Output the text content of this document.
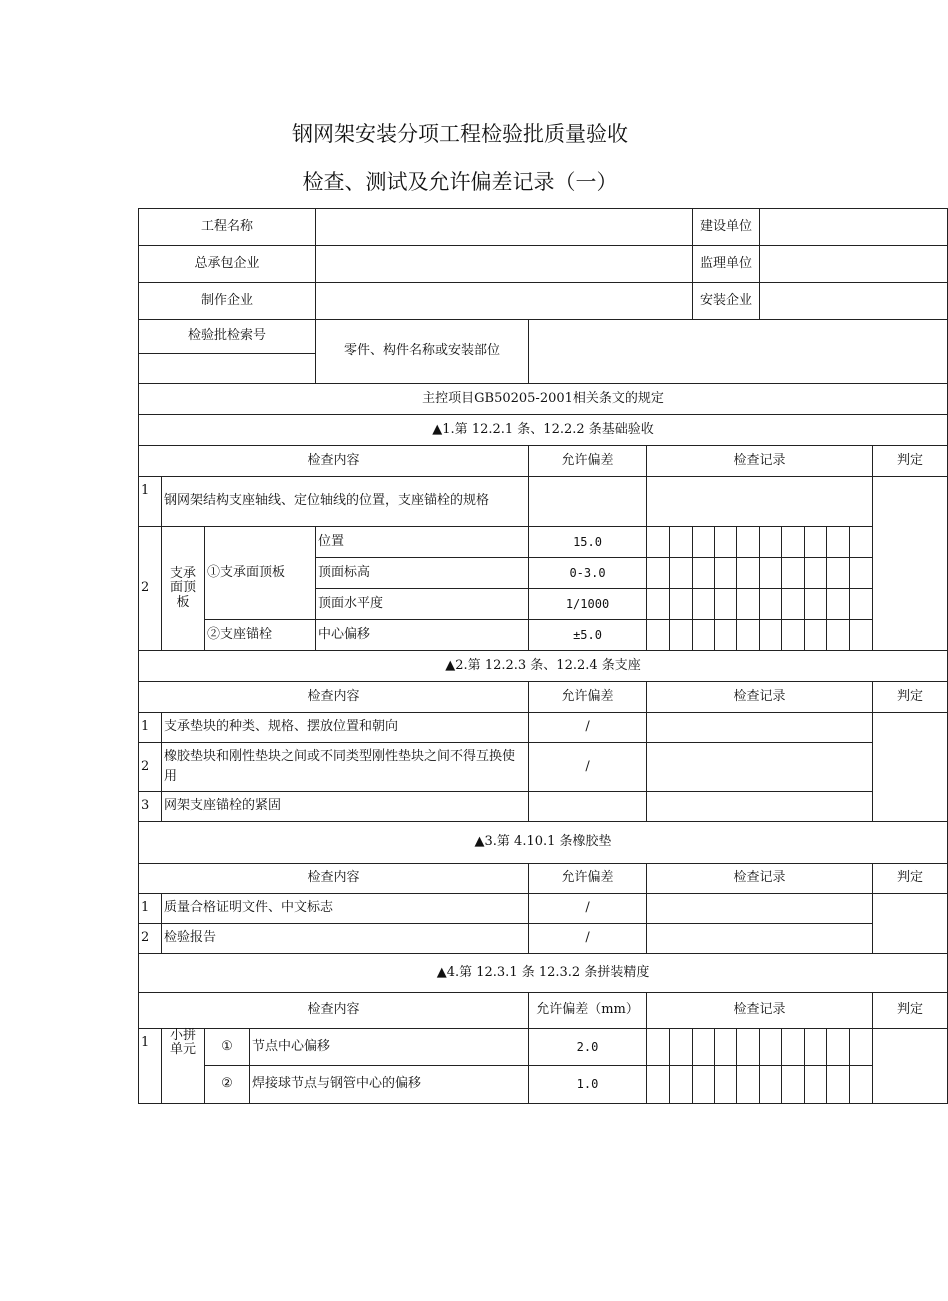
钢网架安装分项工程检验批质量验收
检查、测试及允许偏差记录（一）
工程名称								建设单位								
总承包企业								监理单位								
制作企业								安装企业								
检验批检索号				零件、构件名称或安装部位												

主控项目GB50205-2001相关条文的规定																
▲1.第 12.2.1 条、12.2.2 条基础验收																
检查内容					允许偏差	检查记录										判定
1	钢网架结构支座轴线、定位轴线的位置，支座锚栓的规格															
2	支承面顶板	①支承面顶板		位置	15.0											
				顶面标高	0-3.0											
				顶面水平度	1/1000											
		②支座锚栓		中心偏移	±5.0											
▲2.第 12.2.3 条、12.2.4 条支座																
检查内容					允许偏差	检查记录										判定
1	支承垫块的种类、规格、摆放位置和朝向				/											
2	橡胶垫块和刚性垫块之间或不同类型刚性垫块之间不得互换使用				/											
3	网架支座锚栓的紧固															
▲3.第 4.10.1 条橡胶垫																
检查内容					允许偏差	检查记录										判定
1	质量合格证明文件、中文标志				/											
2	检验报告				/											
▲4.第 12.3.1 条 12.3.2 条拼装精度																
检查内容					允许偏差（mm）	检查记录										判定
1	小拼单元	①	节点中心偏移		2.0											
		②	焊接球节点与钢管中心的偏移		1.0											
